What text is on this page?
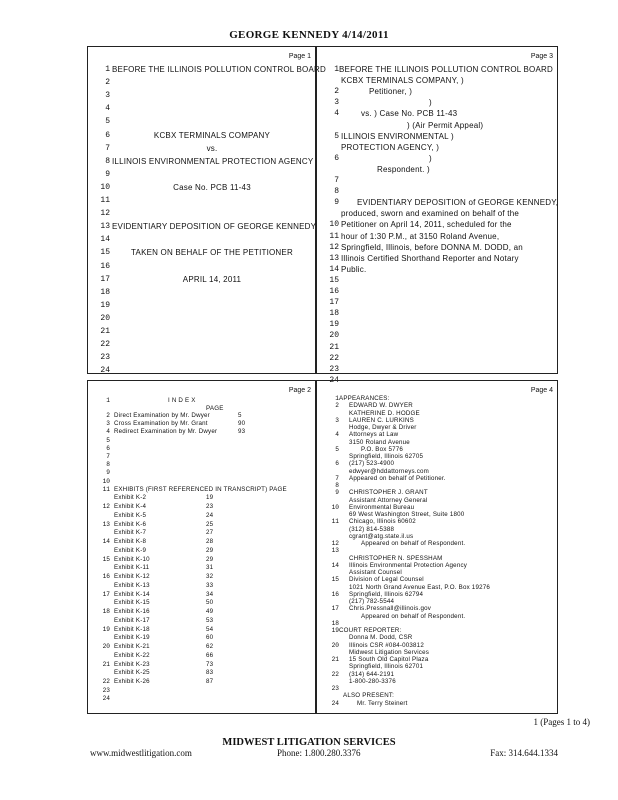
GEORGE KENNEDY 4/14/2011
Page 1
1 BEFORE THE ILLINOIS POLLUTION CONTROL BOARD
2
3
4
5
6	KCBX TERMINALS COMPANY
7	vs.
8 ILLINOIS ENVIRONMENTAL PROTECTION AGENCY
9
10	Case No. PCB 11-43
11
12
13 EVIDENTIARY DEPOSITION OF GEORGE KENNEDY
14
15	TAKEN ON BEHALF OF THE PETITIONER
16
17	APRIL 14, 2011
18
19
20
21
22
23
24
Page 3
1 BEFORE THE ILLINOIS POLLUTION CONTROL BOARD
KCBX TERMINALS COMPANY, )
2	Petitioner, )
3	)
4	vs. ) Case No. PCB 11-43
) (Air Permit Appeal)
5 ILLINOIS ENVIRONMENTAL )
PROTECTION AGENCY, )
6	)
Respondent. )
7
8
9 EVIDENTIARY DEPOSITION of GEORGE KENNEDY,
produced, sworn and examined on behalf of the
10 Petitioner on April 14, 2011, scheduled for the
11 hour of 1:30 P.M., at 3150 Roland Avenue,
12 Springfield, Illinois, before DONNA M. DODD, an
13 Illinois Certified Shorthand Reporter and Notary
14 Public.
15
16
17
18
19
20
21
22
23
24
Page 2
1	I N D E X
PAGE
2 Direct Examination by Mr. Dwyer	5
3 Cross Examination by Mr. Grant	90
4 Redirect Examination by Mr. Dwyer	93
5
6
7
8
9
10
11 EXHIBITS (FIRST REFERENCED IN TRANSCRIPT) PAGE
Exhibit K-2	19
12 Exhibit K-4	23
Exhibit K-5	24
13 Exhibit K-6	25
Exhibit K-7	27
14 Exhibit K-8	28
Exhibit K-9	29
15 Exhibit K-10	29
Exhibit K-11	31
16 Exhibit K-12	32
Exhibit K-13	33
17 Exhibit K-14	34
Exhibit K-15	50
18 Exhibit K-16	49
Exhibit K-17	53
19 Exhibit K-18	54
Exhibit K-19	60
20 Exhibit K-21	62
Exhibit K-22	66
21 Exhibit K-23	73
Exhibit K-25	83
22 Exhibit K-26	87
23
24
Page 4
1 APPEARANCES:
2 EDWARD W. DWYER
KATHERINE D. HODGE
3 LAUREN C. LURKINS
Hodge, Dwyer & Driver
4 Attorneys at Law
3150 Roland Avenue
5	P.O. Box 5776
Springfield, Illinois 62705
6 (217) 523-4900
edwyer@hddattorneys.com
7 Appeared on behalf of Petitioner.
8
9 CHRISTOPHER J. GRANT
Assistant Attorney General
10 Environmental Bureau
69 West Washington Street, Suite 1800
11 Chicago, Illinois 60602
(312) 814-5388
cgrant@atg.state.il.us
12	Appeared on behalf of Respondent.
13
CHRISTOPHER N. SPESSHAM
14 Illinois Environmental Protection Agency
Assistant Counsel
15 Division of Legal Counsel
1021 North Grand Avenue East, P.O. Box 19276
16 Springfield, Illinois 62794
(217) 782-5544
17 Chris.Pressnall@illinois.gov
Appeared on behalf of Respondent.
18
19 COURT REPORTER:
Donna M. Dodd, CSR
20 Illinois CSR #084-003812
Midwest Litigation Services
21 15 South Old Capitol Plaza
Springfield, Illinois 62701
22 (314) 644-2191
1-800-280-3376
23
ALSO PRESENT:
24	Mr. Terry Steinert
1 (Pages 1 to 4)
MIDWEST LITIGATION SERVICES
www.midwestlitigation.com	Phone: 1.800.280.3376	Fax: 314.644.1334
